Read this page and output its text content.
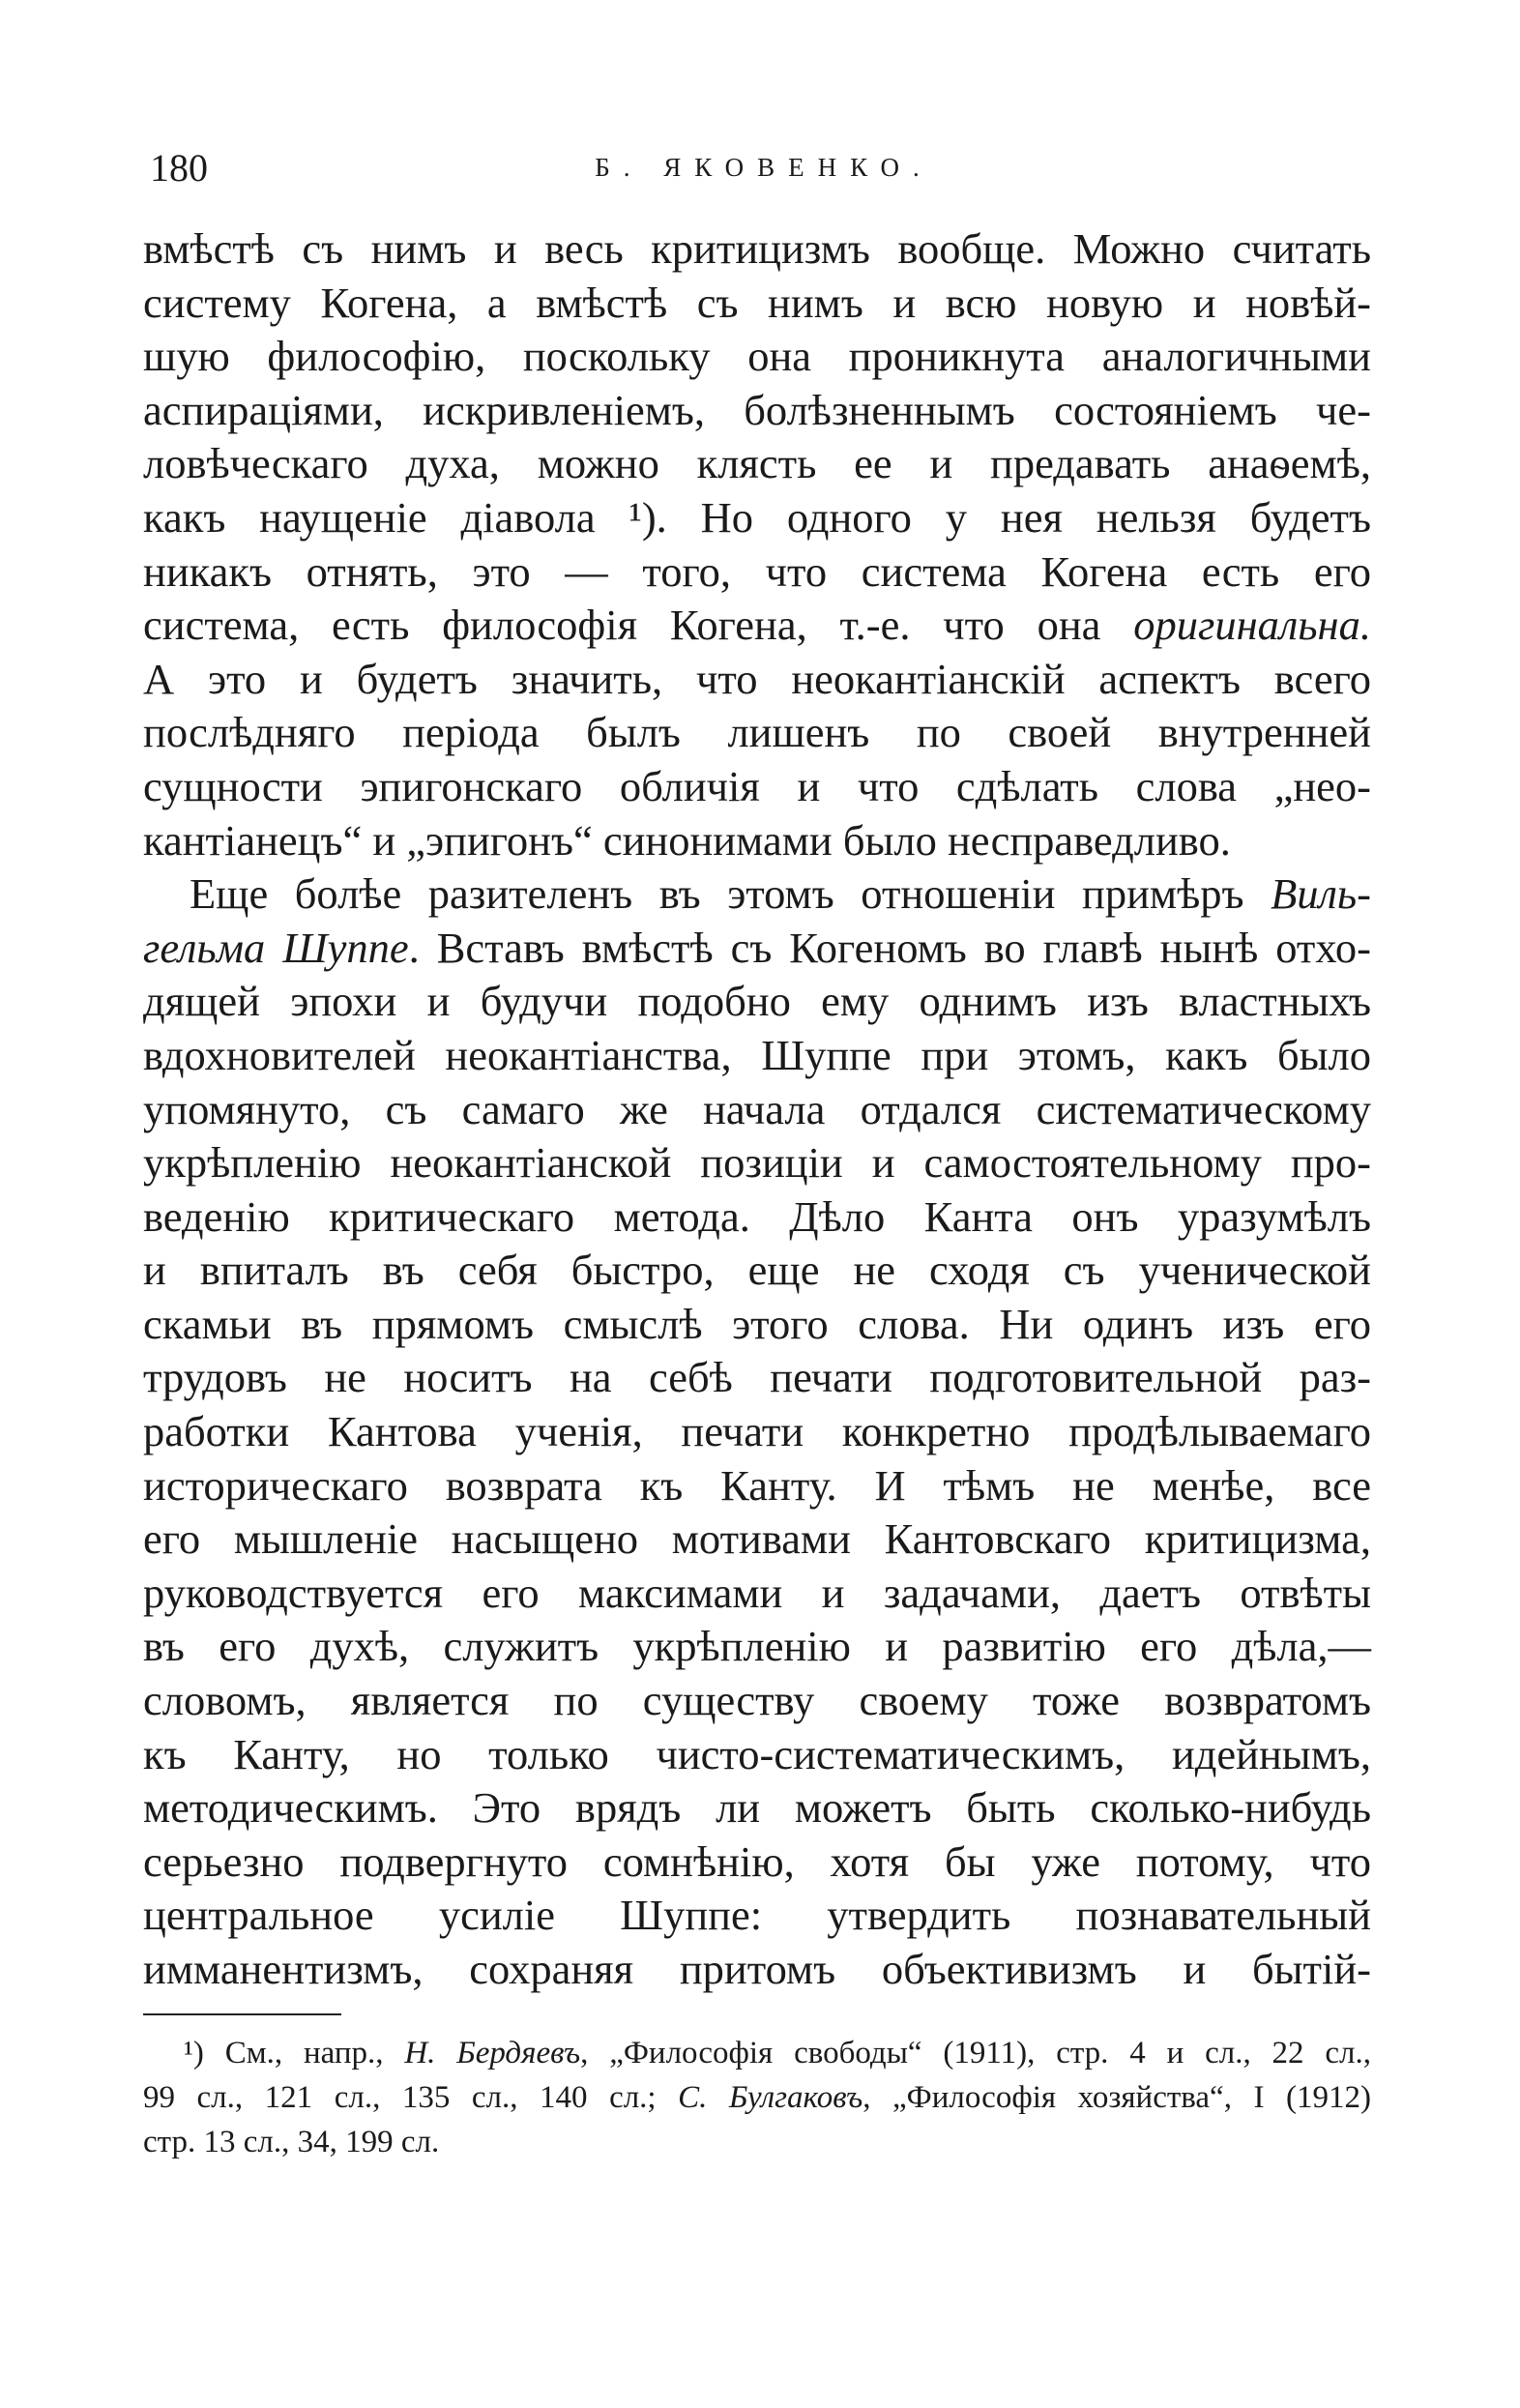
180	Б. ЯКОВЕНКО.
вмѣстѣ съ нимъ и весь критицизмъ вообще. Можно считать
систему Когена, а вмѣстѣ съ нимъ и всю новую и новѣй-
шую философію, поскольку она проникнута аналогичными
аспираціями, искривленіемъ, болѣзненнымъ состояніемъ че-
ловѣческаго духа, можно клясть ее и предавать анаѳемѣ,
какъ наущеніе діавола ¹). Но одного у нея нельзя будетъ
никакъ отнять, это — того, что система Когена есть его
система, есть философія Когена, т.-е. что она оригинальна.
А это и будетъ значить, что неокантіанскій аспектъ всего
послѣдняго періода былъ лишенъ по своей внутренней
сущности эпигонскаго обличія и что сдѣлать слова „нео-
кантіанецъ“ и „эпигонъ“ синонимами было несправедливо.
Еще болѣе разителенъ въ этомъ отношеніи примѣръ Виль-
гельма Шуппе. Вставъ вмѣстѣ съ Когеномъ во главѣ нынѣ отхо-
дящей эпохи и будучи подобно ему однимъ изъ властныхъ
вдохновителей неокантіанства, Шуппе при этомъ, какъ было
упомянуто, съ самаго же начала отдался систематическому
укрѣпленію неокантіанской позиціи и самостоятельному про-
веденію критическаго метода. Дѣло Канта онъ уразумѣлъ
и впиталъ въ себя быстро, еще не сходя съ ученической
скамьи въ прямомъ смыслѣ этого слова. Ни одинъ изъ его
трудовъ не носитъ на себѣ печати подготовительной раз-
работки Кантова ученія, печати конкретно продѣлываемаго
историческаго возврата къ Канту. И тѣмъ не менѣе, все
его мышленіе насыщено мотивами Кантовскаго критицизма,
руководствуется его максимами и задачами, даетъ отвѣты
въ его духѣ, служитъ укрѣпленію и развитію его дѣла,—
словомъ, является по существу своему тоже возвратомъ
къ Канту, но только чисто-систематическимъ, идейнымъ,
методическимъ. Это врядъ ли можетъ быть сколько-нибудь
серьезно подвергнуто сомнѣнію, хотя бы уже потому, что
центральное усиліе Шуппе: утвердить познавательный
имманентизмъ, сохраняя притомъ объективизмъ и бытій-
¹) См., напр., Н. Бердяевъ, „Философія свободы“ (1911), стр. 4 и сл., 22 сл.,
99 сл., 121 сл., 135 сл., 140 сл.; С. Булгаковъ, „Философія хозяйства“, I (1912)
стр. 13 сл., 34, 199 сл.
